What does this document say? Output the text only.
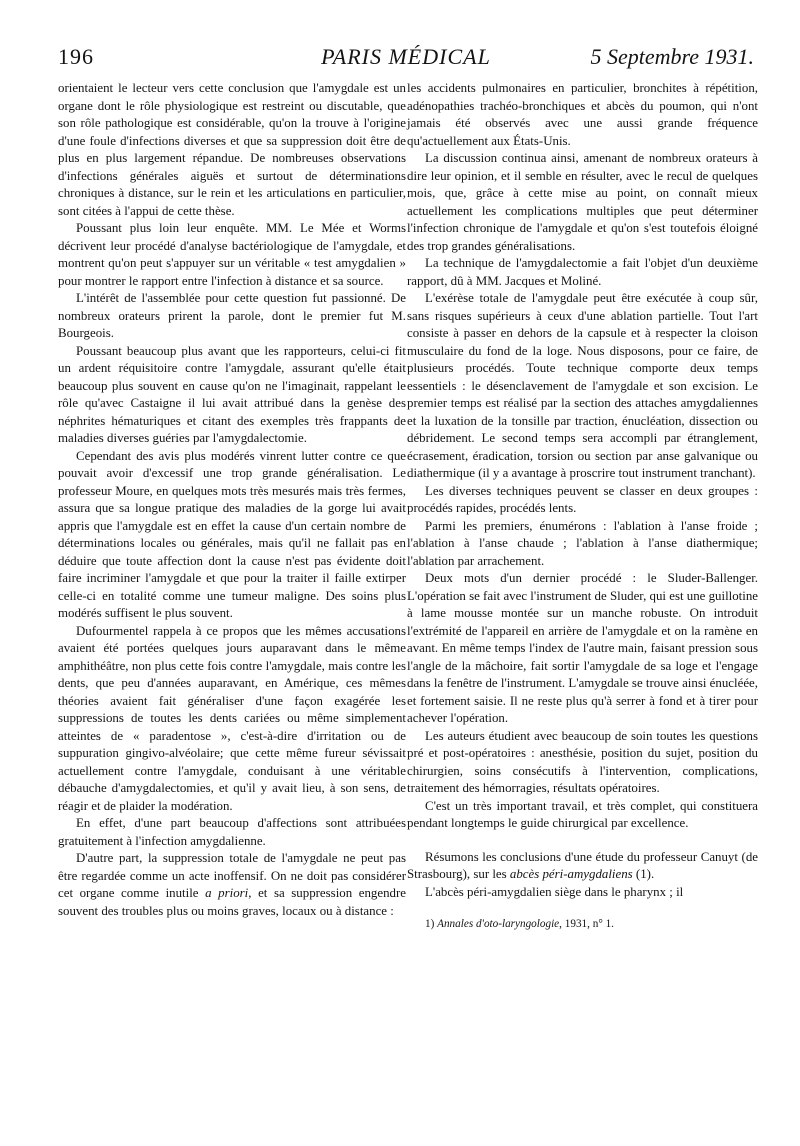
196	PARIS MÉDICAL	5 Septembre 1931.

orientaient le lecteur vers cette conclusion que l'amygdale est un organe dont le rôle physiologique est restreint ou discutable, que son rôle pathologique est considérable, qu'on la trouve à l'origine d'une foule d'infections diverses et que sa suppression doit être de plus en plus largement répandue. De nombreuses observations d'infections générales aiguës et surtout de déterminations chroniques à distance, sur le rein et les articulations en particulier, sont citées à l'appui de cette thèse.

Poussant plus loin leur enquête. MM. Le Mée et Worms décrivent leur procédé d'analyse bactériologique de l'amygdale, et montrent qu'on peut s'appuyer sur un véritable « test amygdalien » pour montrer le rapport entre l'infection à distance et sa source.

L'intérêt de l'assemblée pour cette question fut passionné. De nombreux orateurs prirent la parole, dont le premier fut M. Bourgeois.

Poussant beaucoup plus avant que les rapporteurs, celui-ci fit un ardent réquisitoire contre l'amygdale, assurant qu'elle était beaucoup plus souvent en cause qu'on ne l'imaginait, rappelant le rôle qu'avec Castaigne il lui avait attribué dans la genèse des néphrites hématuriques et citant des exemples très frappants de maladies diverses guéries par l'amygdalectomie.

Cependant des avis plus modérés vinrent lutter contre ce que pouvait avoir d'excessif une trop grande généralisation. Le professeur Moure, en quelques mots très mesurés mais très fermes, assura que sa longue pratique des maladies de la gorge lui avait appris que l'amygdale est en effet la cause d'un certain nombre de déterminations locales ou générales, mais qu'il ne fallait pas en déduire que toute affection dont la cause n'est pas évidente doit faire incriminer l'amygdale et que pour la traiter il faille extirper celle-ci en totalité comme une tumeur maligne. Des soins plus modérés suffisent le plus souvent.

Dufourmentel rappela à ce propos que les mêmes accusations avaient été portées quelques jours auparavant dans le même amphithéâtre, non plus cette fois contre l'amygdale, mais contre les dents, que peu d'années auparavant, en Amérique, ces mêmes théories avaient fait généraliser d'une façon exagérée les suppressions de toutes les dents cariées ou même simplement atteintes de « paradentose », c'est-à-dire d'irritation ou de suppuration gingivo-alvéolaire; que cette même fureur sévissait actuellement contre l'amygdale, conduisant à une véritable débauche d'amygdalectomies, et qu'il y avait lieu, à son sens, de réagir et de plaider la modération.

En effet, d'une part beaucoup d'affections sont attribuées gratuitement à l'infection amygdalienne.

D'autre part, la suppression totale de l'amygdale ne peut pas être regardée comme un acte inoffensif. On ne doit pas considérer cet organe comme inutile a priori, et sa suppression engendre souvent des troubles plus ou moins graves, locaux ou à distance :

les accidents pulmonaires en particulier, bronchites à répétition, adénopathies trachéo-bronchiques et abcès du poumon, qui n'ont jamais été observés avec une aussi grande fréquence qu'actuellement aux États-Unis.

La discussion continua ainsi, amenant de nombreux orateurs à dire leur opinion, et il semble en résulter, avec le recul de quelques mois, que, grâce à cette mise au point, on connaît mieux actuellement les complications multiples que peut déterminer l'infection chronique de l'amygdale et qu'on s'est toutefois éloigné des trop grandes généralisations.

La technique de l'amygdalectomie a fait l'objet d'un deuxième rapport, dû à MM. Jacques et Moliné.

L'exérèse totale de l'amygdale peut être exécutée à coup sûr, sans risques supérieurs à ceux d'une ablation partielle. Tout l'art consiste à passer en dehors de la capsule et à respecter la cloison musculaire du fond de la loge. Nous disposons, pour ce faire, de plusieurs procédés. Toute technique comporte deux temps essentiels : le désenclavement de l'amygdale et son excision. Le premier temps est réalisé par la section des attaches amygdaliennes et la luxation de la tonsille par traction, énucléation, dissection ou débridement. Le second temps sera accompli par étranglement, écrasement, éradication, torsion ou section par anse galvanique ou diathermique (il y a avantage à proscrire tout instrument tranchant).

Les diverses techniques peuvent se classer en deux groupes : procédés rapides, procédés lents.

Parmi les premiers, énumérons : l'ablation à l'anse froide ; l'ablation à l'anse chaude ; l'ablation à l'anse diathermique; l'ablation par arrachement.

Deux mots d'un dernier procédé : le Sluder-Ballenger. L'opération se fait avec l'instrument de Sluder, qui est une guillotine à lame mousse montée sur un manche robuste. On introduit l'extrémité de l'appareil en arrière de l'amygdale et on la ramène en avant. En même temps l'index de l'autre main, faisant pression sous l'angle de la mâchoire, fait sortir l'amygdale de sa loge et l'engage dans la fenêtre de l'instrument. L'amygdale se trouve ainsi énucléée, et fortement saisie. Il ne reste plus qu'à serrer à fond et à tirer pour achever l'opération.

Les auteurs étudient avec beaucoup de soin toutes les questions pré et post-opératoires : anesthésie, position du sujet, position du chirurgien, soins consécutifs à l'intervention, complications, traitement des hémorragies, résultats opératoires.

C'est un très important travail, et très complet, qui constituera pendant longtemps le guide chirurgical par excellence.

Résumons les conclusions d'une étude du professeur Canuyt (de Strasbourg), sur les abcès péri-amygdaliens (1).

L'abcès péri-amygdalien siège dans le pharynx ; il

1) Annales d'oto-laryngologie, 1931, n° 1.
